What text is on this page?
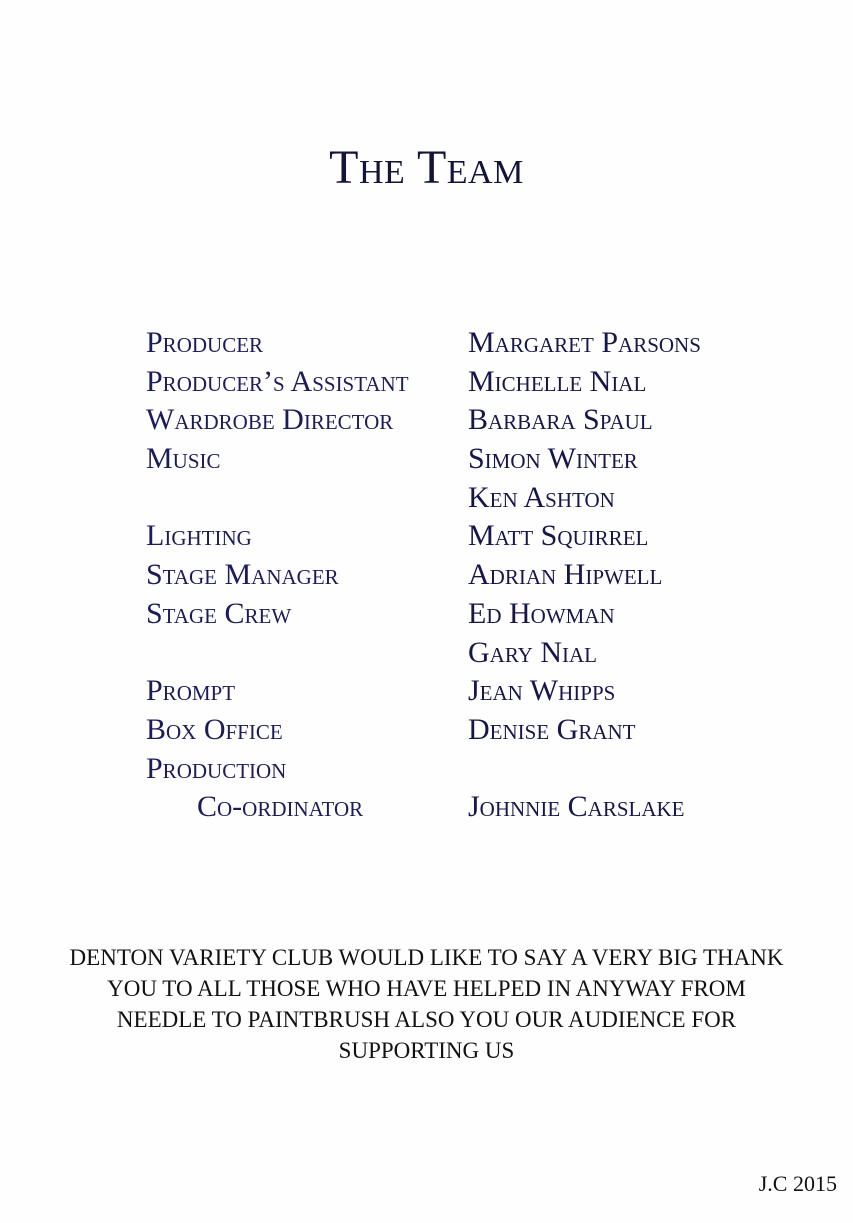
The Team
Producer
Producer’s Assistant
Wardrobe Director
Music
Lighting
Stage Manager
Stage Crew
Prompt
Box Office
Production
Co-ordinator
Margaret Parsons
Michelle Nial
Barbara Spaul
Simon Winter
Ken Ashton
Matt Squirrel
Adrian Hipwell
Ed Howman
Gary Nial
Jean Whipps
Denise Grant
Johnnie Carslake
DENTON VARIETY CLUB WOULD LIKE TO SAY A VERY BIG THANK
YOU TO ALL THOSE WHO HAVE HELPED IN ANYWAY FROM
NEEDLE TO PAINTBRUSH ALSO YOU OUR AUDIENCE FOR
SUPPORTING US
J.C 2015
